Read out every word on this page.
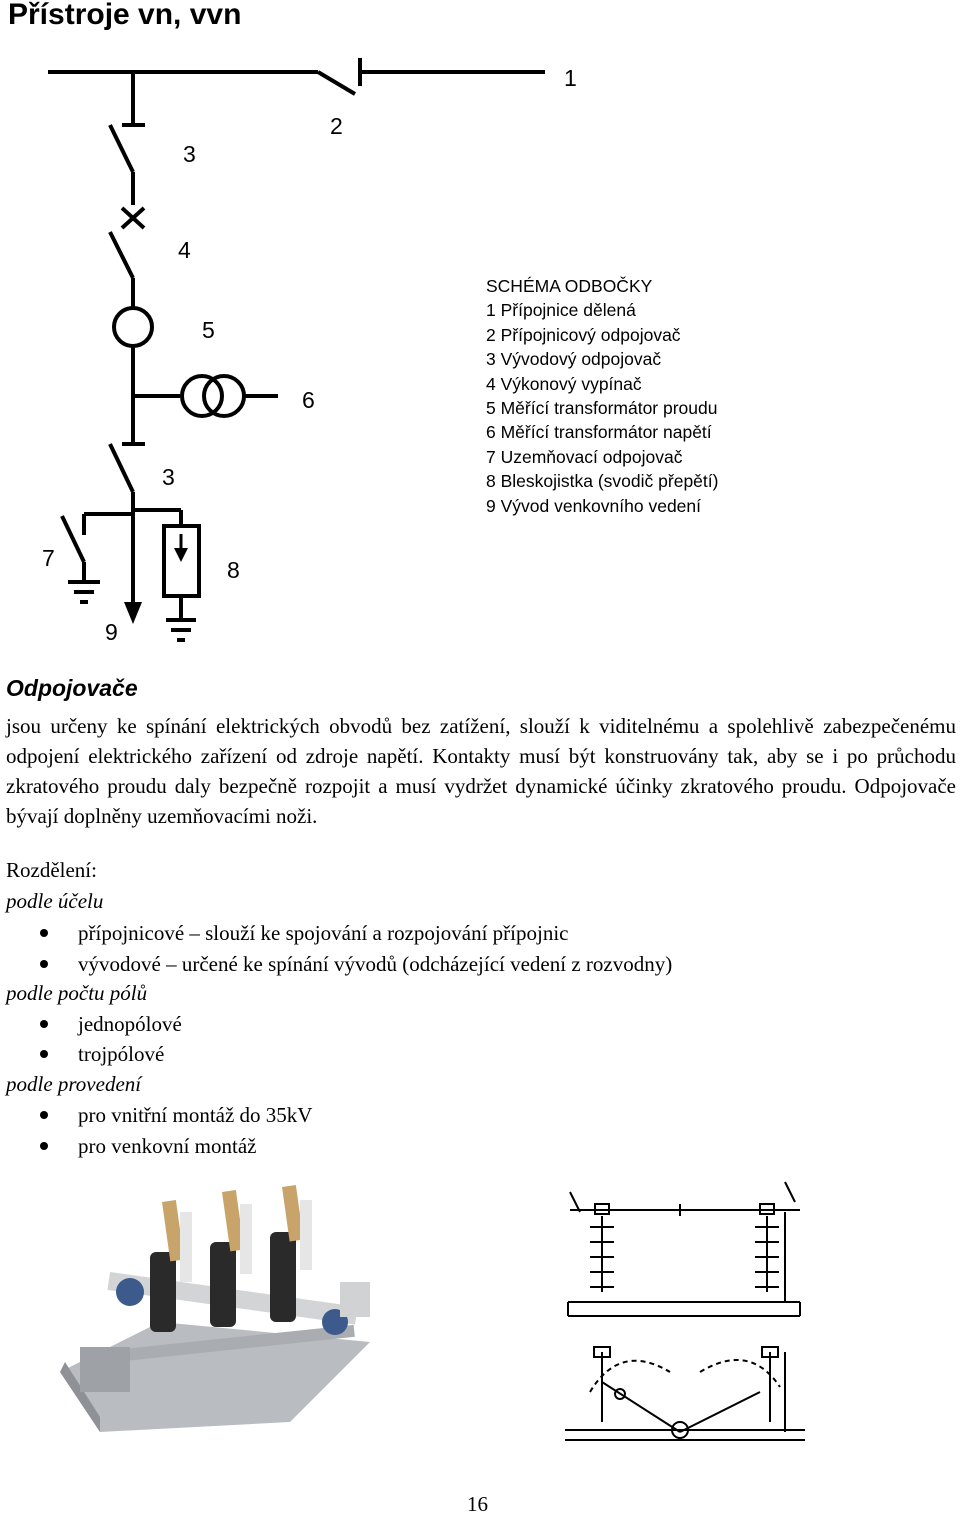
Přístroje vn, vvn
1
2
3
4
5
6
3
7	8
9
SCHÉMA ODBOČKY
1 Přípojnice dělená
2 Přípojnicový odpojovač
3 Vývodový odpojovač
4 Výkonový vypínač
5 Měřící transformátor proudu
6 Měřící transformátor napětí
7 Uzemňovací odpojovač
8 Bleskojistka (svodič přepětí)
9 Vývod venkovního vedení
Odpojovače

jsou určeny ke spínání elektrických obvodů bez zatížení, slouží k viditelnému a spolehlivě zabezpečenému odpojení elektrického zařízení od zdroje napětí. Kontakty musí být konstruovány tak, aby se i po průchodu zkratového proudu daly bezpečně rozpojit a musí vydržet dynamické účinky zkratového proudu. Odpojovače bývají doplněny uzemňovacími noži.

Rozdělení:
podle účelu
přípojnicové – slouží ke spojování a rozpojování přípojnic
vývodové – určené ke spínání vývodů (odcházející vedení z rozvodny)
podle počtu pólů
jednopólové
trojpólové
podle provedení
pro vnitřní montáž do 35kV
pro venkovní montáž
16
